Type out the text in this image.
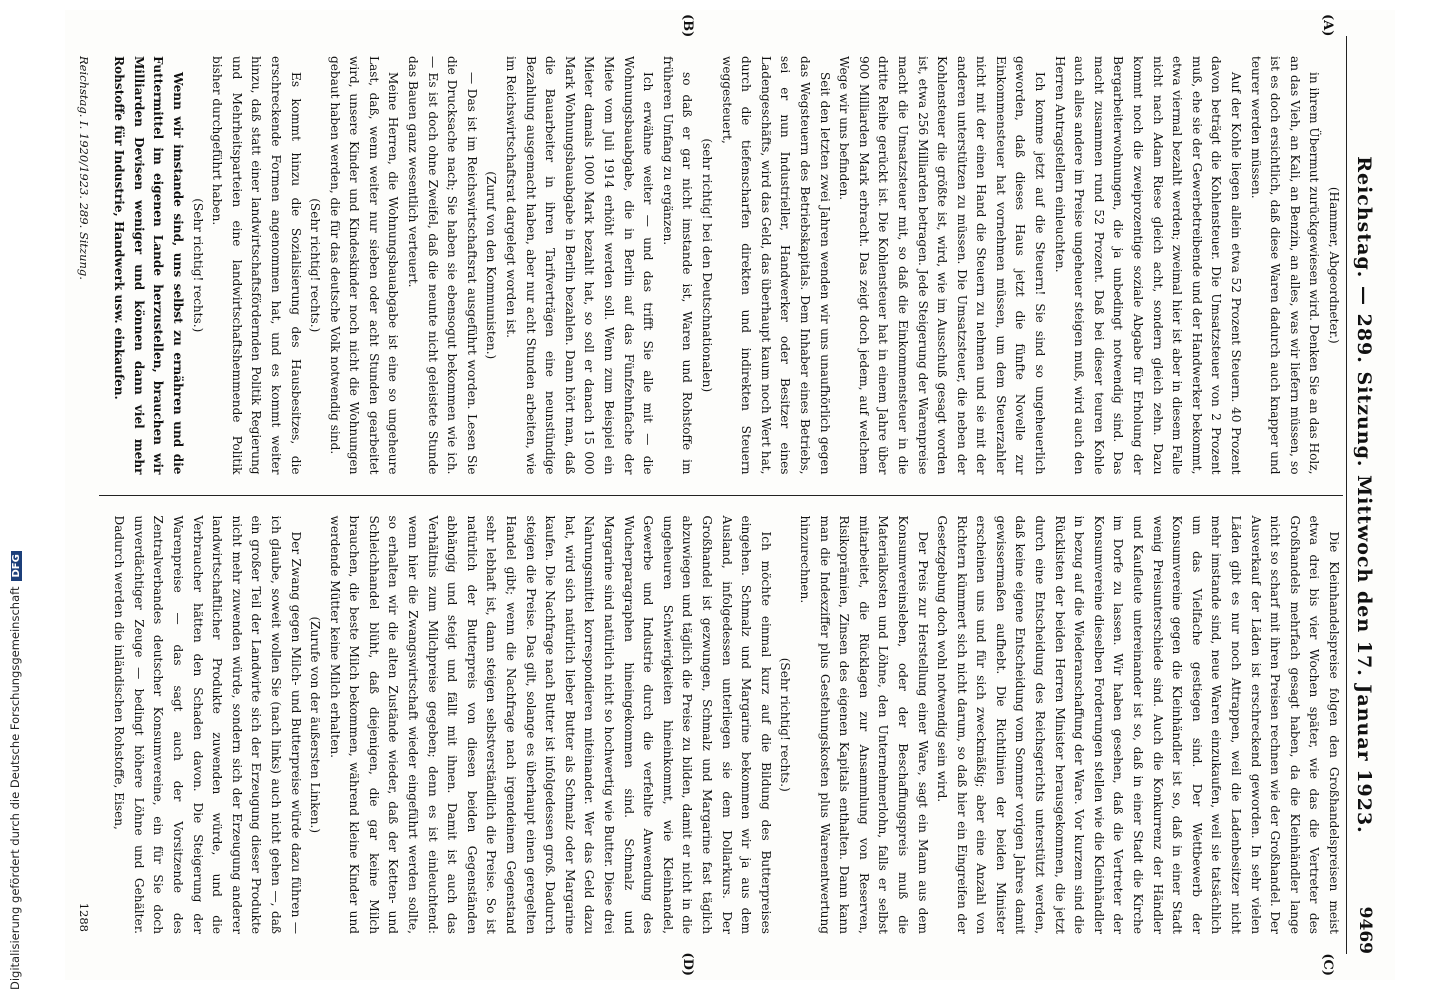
Reichstag. — 289. Sitzung. Mittwoch den 17. Januar 1923.
9469
(A)
(B)
(C)
(D)

(Hammer, Abgeordneter.)

in ihrem Übermut zurückgewiesen wird. Denken Sie an das Holz, an das Vieh, an Kali, an Benzin, an alles, was wir liefern müssen, so ist es doch ersichtlich, daß diese Waren dadurch auch knapper und teurer werden müssen.

Auf der Kohle liegen allein etwa 52 Prozent Steuern. 40 Prozent davon beträgt die Kohlensteuer. Die Umsatzsteuer von 2 Prozent muß, ehe sie der Gewerbetreibende und der Handwerker bekommt, etwa viermal bezahlt werden; zweimal hier ist aber in diesem Falle nicht nach Adam Riese gleich acht, sondern gleich zehn. Dazu kommt noch die zweiprozentige soziale Abgabe für Erholung der Bergarbeiterwohnungen, die ja unbedingt notwendig sind. Das macht zusammen rund 52 Prozent. Daß bei dieser teuren Kohle auch alles andere im Preise ungeheuer steigen muß, wird auch den Herren Antragstellern einleuchten.

Ich komme jetzt auf die Steuern! Sie sind so ungeheuerlich geworden, daß dieses Haus jetzt die fünfte Novelle zur Einkommensteuer hat vornehmen müssen, um dem Steuerzahler nicht mit der einen Hand die Steuern zu nehmen und sie mit der anderen unterstützen zu müssen. Die Umsatzsteuer, die neben der Kohlensteuer die größte ist, wird, wie im Ausschuß gesagt worden ist, etwa 256 Milliarden betragen. Jede Steigerung der Warenpreise macht die Umsatzsteuer mit, so daß die Einkommensteuer in die dritte Reihe gerückt ist. Die Kohlensteuer hat in einem Jahre über 900 Milliarden Mark erbracht. Das zeigt doch jedem, auf welchem Wege wir uns befinden.

Seit den letzten zwei Jahren wenden wir uns unaufhörlich gegen das Wegsteuern des Betriebskapitals. Dem Inhaber eines Betriebs, sei er nun Industrieller, Handwerker oder Besitzer eines Ladengeschäfts, wird das Geld, das überhaupt kaum noch Wert hat, durch die tiefenscharfen direkten und indirekten Steuern weggesteuert,

(sehr richtig! bei den Deutschnationalen)

so daß er gar nicht imstande ist, Waren und Rohstoffe im früheren Umfang zu ergänzen.

Ich erwähne weiter — und das trifft Sie alle mit — die Wohnungsbauabgabe, die in Berlin auf das Fünfzehnfache der Miete vom Juli 1914 erhöht werden soll. Wenn zum Beispiel ein Mieter damals 1000 Mark bezahlt hat, so soll er danach 15 000 Mark Wohnungsbauabgabe in Berlin bezahlen. Dann hört man, daß die Bauarbeiter in ihren Tarifverträgen eine neunstündige Bezahlung ausgemacht haben, aber nur acht Stunden arbeiten, wie im Reichswirtschaftsrat dargelegt worden ist.

(Zuruf von den Kommunisten.)

— Das ist im Reichswirtschaftsrat ausgeführt worden. Lesen Sie die Drucksache nach; Sie haben sie ebensogut bekommen wie ich. — Es ist doch ohne Zweifel, daß die neunte nicht geleistete Stunde das Bauen ganz wesentlich verteuert.

Meine Herren, die Wohnungsbauabgabe ist eine so ungeheure Last, daß, wenn weiter nur sieben oder acht Stunden gearbeitet wird, unsere Kinder und Kindeskinder noch nicht die Wohnungen gebaut haben werden, die für das deutsche Volk notwendig sind.

(Sehr richtig! rechts.)

Es kommt hinzu die Sozialisierung des Hausbesitzes, die erschreckende Formen angenommen hat, und es kommt weiter hinzu, daß statt einer landwirtschaftsfördernden Politik Regierung und Mehrheitsparteien eine landwirtschaftshemmende Politik bisher durchgeführt haben.

(Sehr richtig! rechts.)

Wenn wir imstande sind, uns selbst zu ernähren und die Futtermittel im eigenen Lande herzustellen, brauchen wir Milliarden Devisen weniger und können dann viel mehr Rohstoffe für Industrie, Handwerk usw. einkaufen.

Die Kleinhandelspreise folgen den Großhandelspreisen meist etwa drei bis vier Wochen später, wie das die Vertreter des Großhandels mehrfach gesagt haben, da die Kleinhändler lange nicht so scharf mit ihren Preisen rechnen wie der Großhandel. Der Ausverkauf der Läden ist erschreckend geworden. In sehr vielen Läden gibt es nur noch Attrappen, weil die Ladenbesitzer nicht mehr imstande sind, neue Waren einzukaufen, weil sie tatsächlich um das Vielfache gestiegen sind. Der Wettbewerb der Konsumvereine gegen die Kleinhändler ist so, daß in einer Stadt wenig Preisunterschiede sind. Auch die Konkurrenz der Händler und Kaufleute untereinander ist so, daß in einer Stadt die Kirche im Dorfe zu lassen. Wir haben gesehen, daß die Vertreter der Konsumvereine dieselben Forderungen stellen wie die Kleinhändler in bezug auf die Wiederanschaffung der Ware. Vor kurzem sind die Rücklisten der beiden Herren Minister herausgekommen, die jetzt durch eine Entscheidung des Reichsgerichts unterstützt werden, daß keine eigene Entscheidung vom Sommer vorigen Jahres damit gewissermaßen aufhebt. Die Richtlinien der beiden Minister erscheinen uns und für sich zweckmäßig; aber eine Anzahl von Richtern kümmert sich nicht darum, so daß hier ein Eingreifen der Gesetzgebung doch wohl notwendig sein wird.

Der Preis zur Herstellung einer Ware, sagt ein Mann aus dem Konsumvereinsleben, oder der Beschaffungspreis muß die Materialkosten und Löhne, den Unternehmerlohn, falls er selbst mitarbeitet, die Rücklagen zur Ansammlung von Reserven, Risikoprämien, Zinsen des eigenen Kapitals enthalten. Dann kann man die Indexziffer plus Gestehungskosten plus Warenentwertung hinzurechnen.

(Sehr richtig! rechts.)

Ich möchte einmal kurz auf die Bildung des Butterpreises eingehen. Schmalz und Margarine bekommen wir ja aus dem Ausland, infolgedessen unterliegen sie dem Dollarkurs. Der Großhandel ist gezwungen, Schmalz und Margarine fast täglich abzuwiegen und täglich die Preise zu bilden, damit er nicht in die ungeheuren Schwierigkeiten hineinkommt, wie Kleinhandel, Gewerbe und Industrie durch die verfehlte Anwendung des Wucherparagraphen hineingekommen sind. Schmalz und Margarine sind natürlich nicht so hochwertig wie Butter. Diese drei Nahrungsmittel korrespondieren miteinander. Wer das Geld dazu hat, wird sich natürlich lieber Butter als Schmalz oder Margarine kaufen. Die Nachfrage nach Butter ist infolgedessen groß. Dadurch steigen die Preise. Das gilt, solange es überhaupt einen geregelten Handel gibt; wenn die Nachfrage nach irgendeinem Gegenstand sehr lebhaft ist, dann steigen selbstverständlich die Preise. So ist natürlich der Butterpreis von diesen beiden Gegenständen abhängig und steigt und fällt mit ihnen. Damit ist auch das Verhältnis zum Milchpreise gegeben; denn es ist einleuchtend: wenn hier die Zwangswirtschaft wieder eingeführt werden sollte, so erhalten wir die alten Zustände wieder, daß der Ketten- und Schleichhandel blüht, daß diejenigen, die gar keine Milch brauchen, die beste Milch bekommen, während kleine Kinder und werdende Mütter keine Milch erhalten.

(Zurufe von der äußersten Linken.)

Der Zwang gegen Milch- und Butterpreise würde dazu führen — ich glaube, soweit wollen Sie (nach links) auch nicht gehen —, daß ein großer Teil der Landwirte sich der Erzeugung dieser Produkte nicht mehr zuwenden würde, sondern sich der Erzeugung anderer landwirtschaftlicher Produkte zuwenden würde, und die Verbraucher hätten den Schaden davon. Die Steigerung der Warenpreise — das sagt auch der Vorsitzende des Zentralverbandes deutscher Konsumvereine, ein für Sie doch unverdächtiger Zeuge — bedingt höhere Löhne und Gehälter. Dadurch werden die inländischen Rohstoffe, Eisen,

Reichstag. I. 1920/1923. 289. Sitzung.
1288
Digitalisierung gefördert durch die Deutsche ForschungsgemeinschaftDFG
